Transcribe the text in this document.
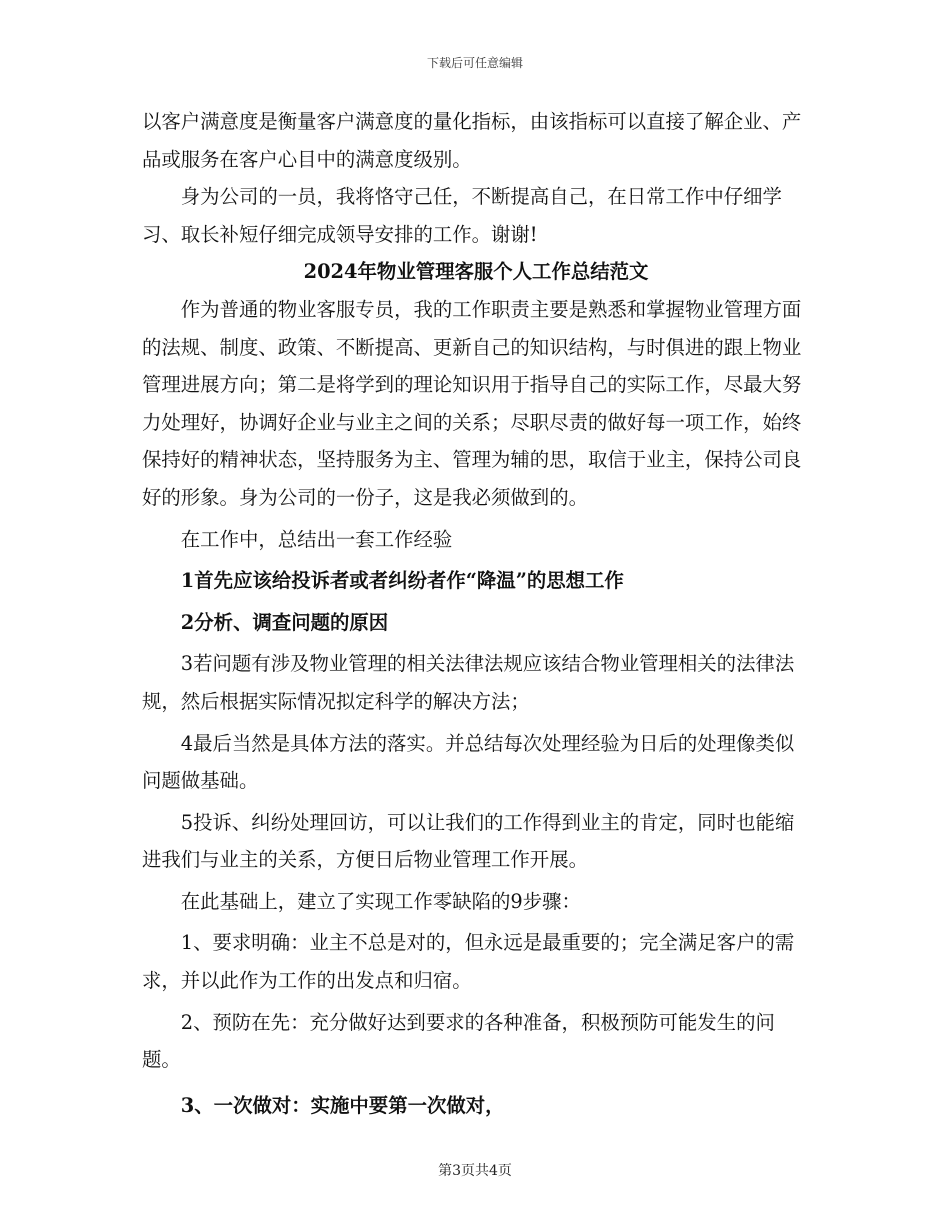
下载后可任意编辑

以客户满意度是衡量客户满意度的量化指标，由该指标可以直接了解企业、产品或服务在客户心目中的满意度级别。

身为公司的一员，我将恪守己任，不断提高自己，在日常工作中仔细学习、取长补短仔细完成领导安排的工作。谢谢!

2024年物业管理客服个人工作总结范文

作为普通的物业客服专员，我的工作职责主要是熟悉和掌握物业管理方面的法规、制度、政策、不断提高、更新自己的知识结构，与时俱进的跟上物业管理进展方向；第二是将学到的理论知识用于指导自己的实际工作，尽最大努力处理好，协调好企业与业主之间的关系；尽职尽责的做好每一项工作，始终保持好的精神状态，坚持服务为主、管理为辅的思，取信于业主，保持公司良好的形象。身为公司的一份子，这是我必须做到的。

在工作中，总结出一套工作经验

1首先应该给投诉者或者纠纷者作“降温”的思想工作

2分析、调查问题的原因

3若问题有涉及物业管理的相关法律法规应该结合物业管理相关的法律法规，然后根据实际情况拟定科学的解决方法；

4最后当然是具体方法的落实。并总结每次处理经验为日后的处理像类似问题做基础。

5投诉、纠纷处理回访，可以让我们的工作得到业主的肯定，同时也能缩进我们与业主的关系，方便日后物业管理工作开展。

在此基础上，建立了实现工作零缺陷的9步骤：

1、要求明确：业主不总是对的，但永远是最重要的；完全满足客户的需求，并以此作为工作的出发点和归宿。

2、预防在先：充分做好达到要求的各种准备，积极预防可能发生的问题。

3、一次做对：实施中要第一次做对，

第3页共4页
